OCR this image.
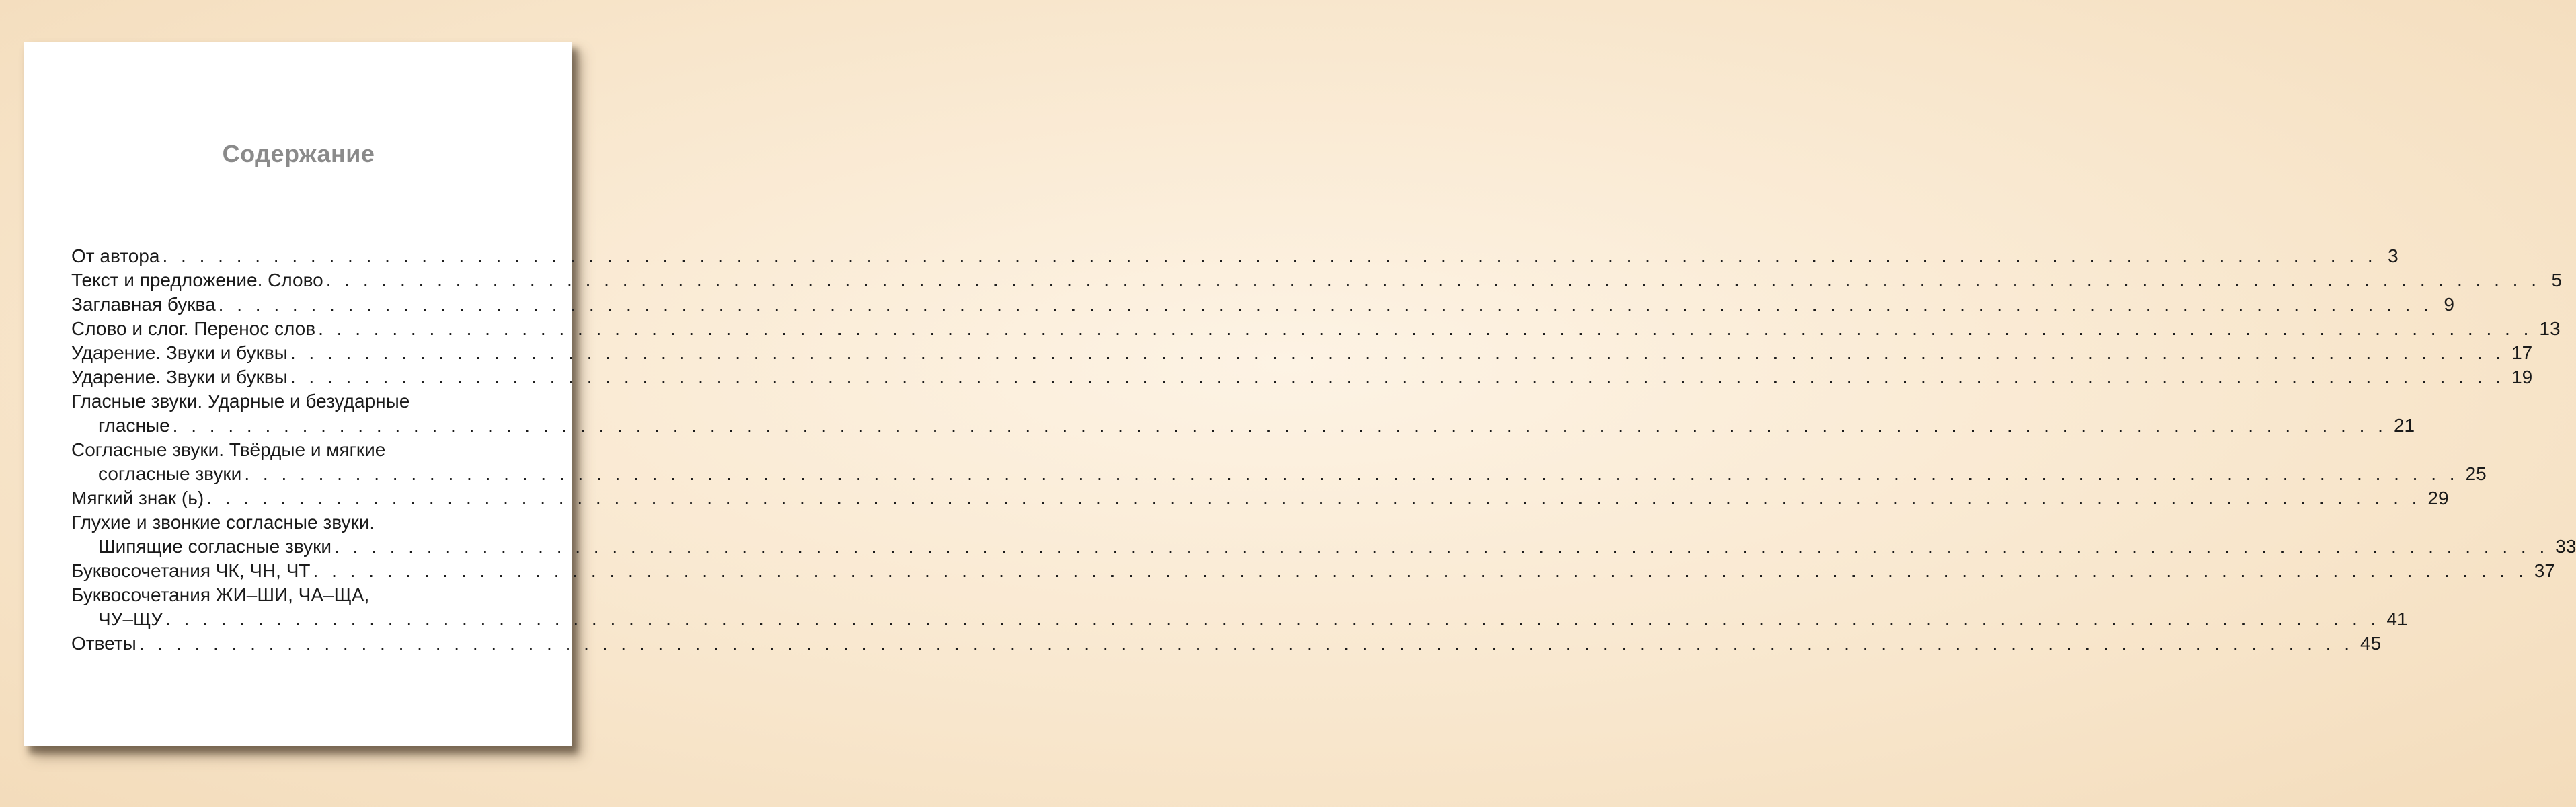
Содержание
От автора . . . . . . . . . . . . . . . . . . . . . . . . . . . . . . . . . . . . . . . . . . . . . . . . . . . . . . . . . . . . . . . . . . . . . . . . . . . . . . . . . . . . . . . . . . . . . . . . . . . . . . . . . . . . . . . . . . . . . . . . 3
Текст и предложение. Слово . . . . . . . . . . . . . . . . . . . . . . . . . . . . . . . . . . . . . . . . . . . . . . . . . . . . . . . . . . . . . . . . . . . . . . . . . . . . . . . . . . . . . . . . . . . . . . . . . . . . . . . . . . . . . . . . . . . . . . . . 5
Заглавная буква . . . . . . . . . . . . . . . . . . . . . . . . . . . . . . . . . . . . . . . . . . . . . . . . . . . . . . . . . . . . . . . . . . . . . . . . . . . . . . . . . . . . . . . . . . . . . . . . . . . . . . . . . . . . . . . . . . . . . . . . 9
Слово и слог. Перенос слов . . . . . . . . . . . . . . . . . . . . . . . . . . . . . . . . . . . . . . . . . . . . . . . . . . . . . . . . . . . . . . . . . . . . . . . . . . . . . . . . . . . . . . . . . . . . . . . . . . . . . . . . . . . . . . . . . . . . . . . . 13
Ударение. Звуки и буквы . . . . . . . . . . . . . . . . . . . . . . . . . . . . . . . . . . . . . . . . . . . . . . . . . . . . . . . . . . . . . . . . . . . . . . . . . . . . . . . . . . . . . . . . . . . . . . . . . . . . . . . . . . . . . . . . . . . . . . . . 17
Ударение. Звуки и буквы . . . . . . . . . . . . . . . . . . . . . . . . . . . . . . . . . . . . . . . . . . . . . . . . . . . . . . . . . . . . . . . . . . . . . . . . . . . . . . . . . . . . . . . . . . . . . . . . . . . . . . . . . . . . . . . . . . . . . . . . 19
Гласные звуки. Ударные и безударные
гласные . . . . . . . . . . . . . . . . . . . . . . . . . . . . . . . . . . . . . . . . . . . . . . . . . . . . . . . . . . . . . . . . . . . . . . . . . . . . . . . . . . . . . . . . . . . . . . . . . . . . . . . . . . . . . . . . . . . . . . . . 21
Согласные звуки. Твёрдые и мягкие
согласные звуки . . . . . . . . . . . . . . . . . . . . . . . . . . . . . . . . . . . . . . . . . . . . . . . . . . . . . . . . . . . . . . . . . . . . . . . . . . . . . . . . . . . . . . . . . . . . . . . . . . . . . . . . . . . . . . . . . . . . . . . . 25
Мягкий знак (ь) . . . . . . . . . . . . . . . . . . . . . . . . . . . . . . . . . . . . . . . . . . . . . . . . . . . . . . . . . . . . . . . . . . . . . . . . . . . . . . . . . . . . . . . . . . . . . . . . . . . . . . . . . . . . . . . . . . . . . . . . 29
Глухие и звонкие согласные звуки.
Шипящие согласные звуки . . . . . . . . . . . . . . . . . . . . . . . . . . . . . . . . . . . . . . . . . . . . . . . . . . . . . . . . . . . . . . . . . . . . . . . . . . . . . . . . . . . . . . . . . . . . . . . . . . . . . . . . . . . . . . . . . . . . . . . . 33
Буквосочетания ЧК, ЧН, ЧТ . . . . . . . . . . . . . . . . . . . . . . . . . . . . . . . . . . . . . . . . . . . . . . . . . . . . . . . . . . . . . . . . . . . . . . . . . . . . . . . . . . . . . . . . . . . . . . . . . . . . . . . . . . . . . . . . . . . . . . . . 37
Буквосочетания ЖИ–ШИ, ЧА–ЩА,
ЧУ–ЩУ . . . . . . . . . . . . . . . . . . . . . . . . . . . . . . . . . . . . . . . . . . . . . . . . . . . . . . . . . . . . . . . . . . . . . . . . . . . . . . . . . . . . . . . . . . . . . . . . . . . . . . . . . . . . . . . . . . . . . . . . 41
Ответы . . . . . . . . . . . . . . . . . . . . . . . . . . . . . . . . . . . . . . . . . . . . . . . . . . . . . . . . . . . . . . . . . . . . . . . . . . . . . . . . . . . . . . . . . . . . . . . . . . . . . . . . . . . . . . . . . . . . . . . . 45
